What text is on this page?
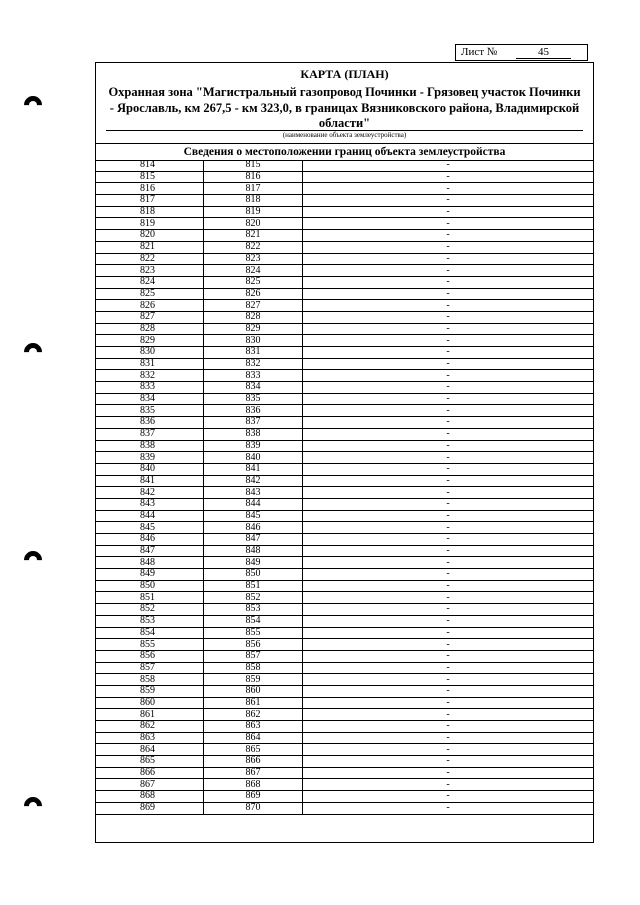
Лист №	45
КАРТА (ПЛАН)
Охранная зона "Магистральный газопровод Починки - Грязовец участок Починки - Ярославль, км 267,5 - км 323,0, в границах Вязниковского района, Владимирской области"
(наименование объекта землеустройства)
Сведения о местоположении границ объекта землеустройства
814	815	-
815	816	-
816	817	-
817	818	-
818	819	-
819	820	-
820	821	-
821	822	-
822	823	-
823	824	-
824	825	-
825	826	-
826	827	-
827	828	-
828	829	-
829	830	-
830	831	-
831	832	-
832	833	-
833	834	-
834	835	-
835	836	-
836	837	-
837	838	-
838	839	-
839	840	-
840	841	-
841	842	-
842	843	-
843	844	-
844	845	-
845	846	-
846	847	-
847	848	-
848	849	-
849	850	-
850	851	-
851	852	-
852	853	-
853	854	-
854	855	-
855	856	-
856	857	-
857	858	-
858	859	-
859	860	-
860	861	-
861	862	-
862	863	-
863	864	-
864	865	-
865	866	-
866	867	-
867	868	-
868	869	-
869	870	-
